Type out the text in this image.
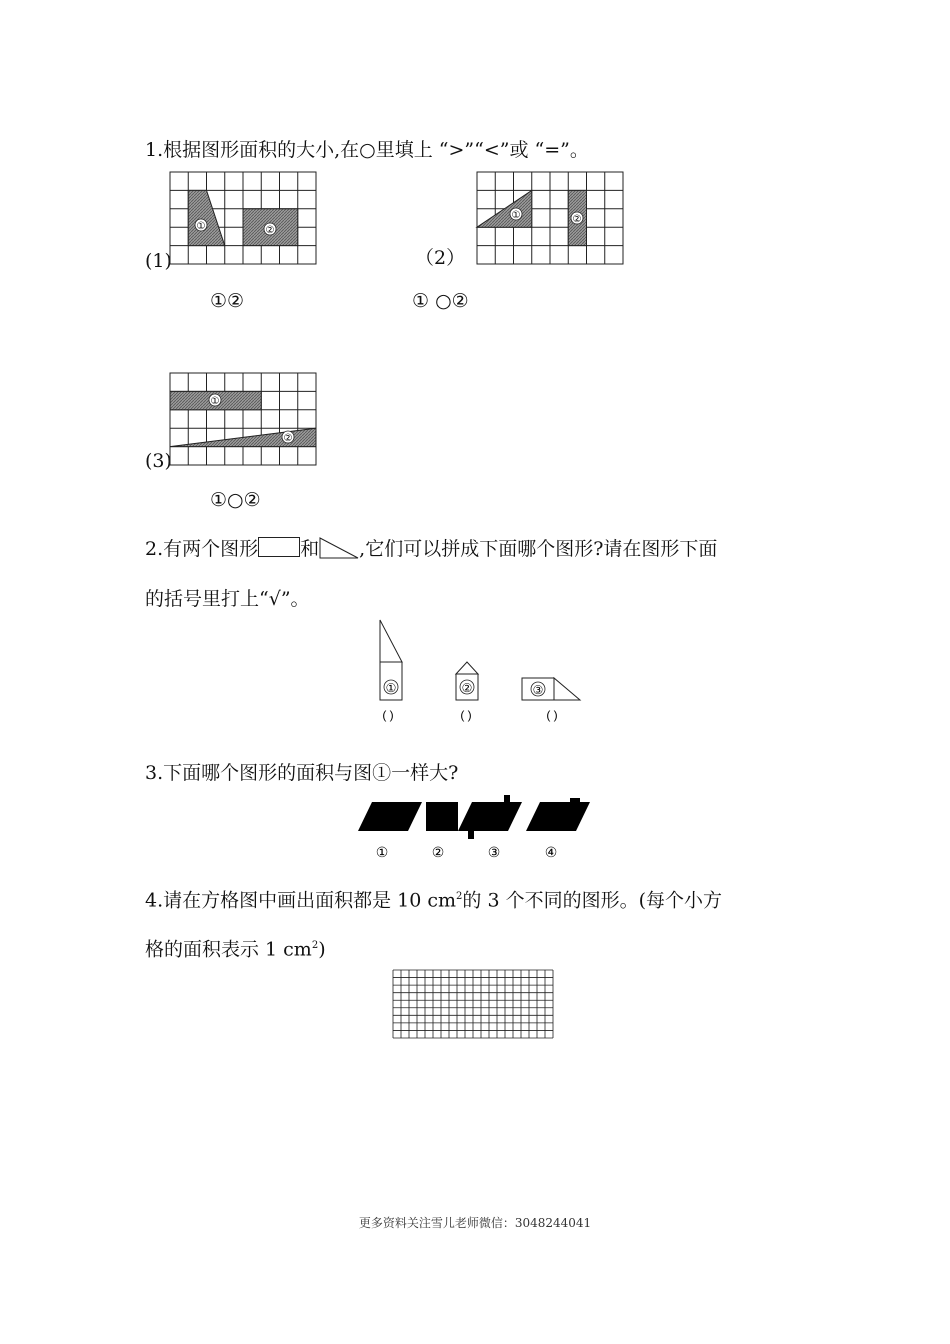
1.根据图形面积的大小,在○里填上 “>”“<”或 “=”。
(1)
①	②
①②
（2）
①	②
① ○②
(3)
①
②
①○②
2.有两个图形 和 ,它们可以拼成下面哪个图形?请在图形下面
的括号里打上“√”。
①
( )
②
( )
③
( )
3.下面哪个图形的面积与图①一样大?
①	②	③	④
4.请在方格图中画出面积都是 10 $cm^2$的 3 个不同的图形。(每个小方
格的面积表示 1 $cm^2$)
更多资料关注雪儿老师微信：3048244041
